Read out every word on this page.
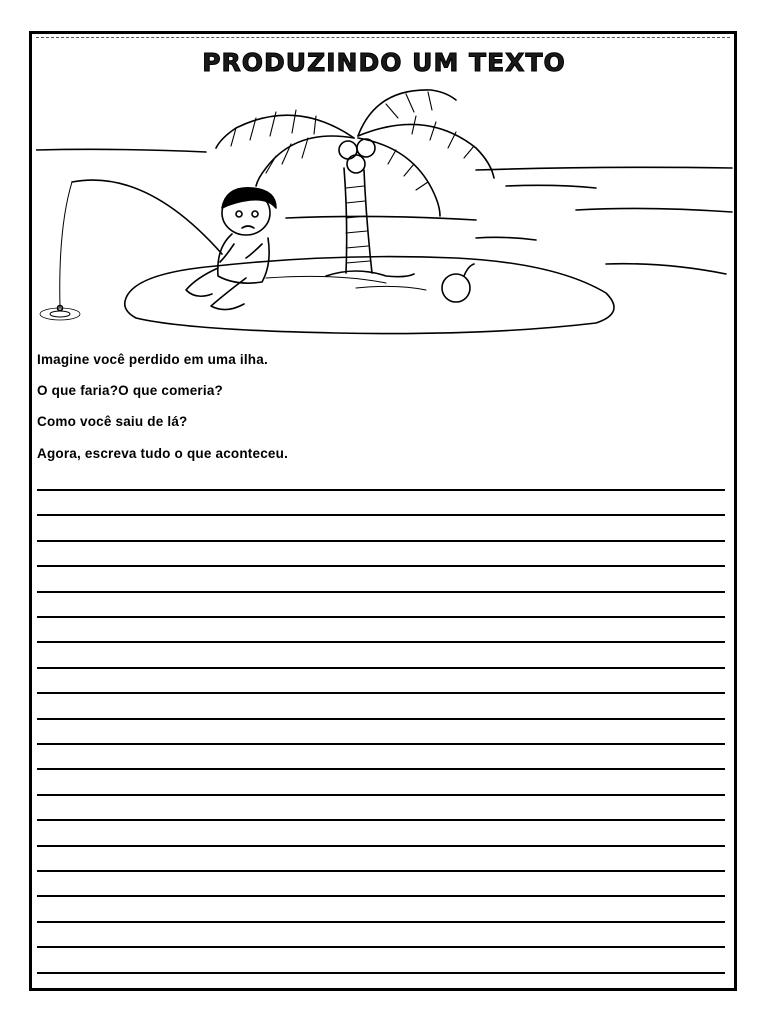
PRODUZINDO UM TEXTO
Imagine você perdido em uma ilha.
O que faria?O que comeria?
Como você saiu de lá?
Agora, escreva tudo o que aconteceu.
